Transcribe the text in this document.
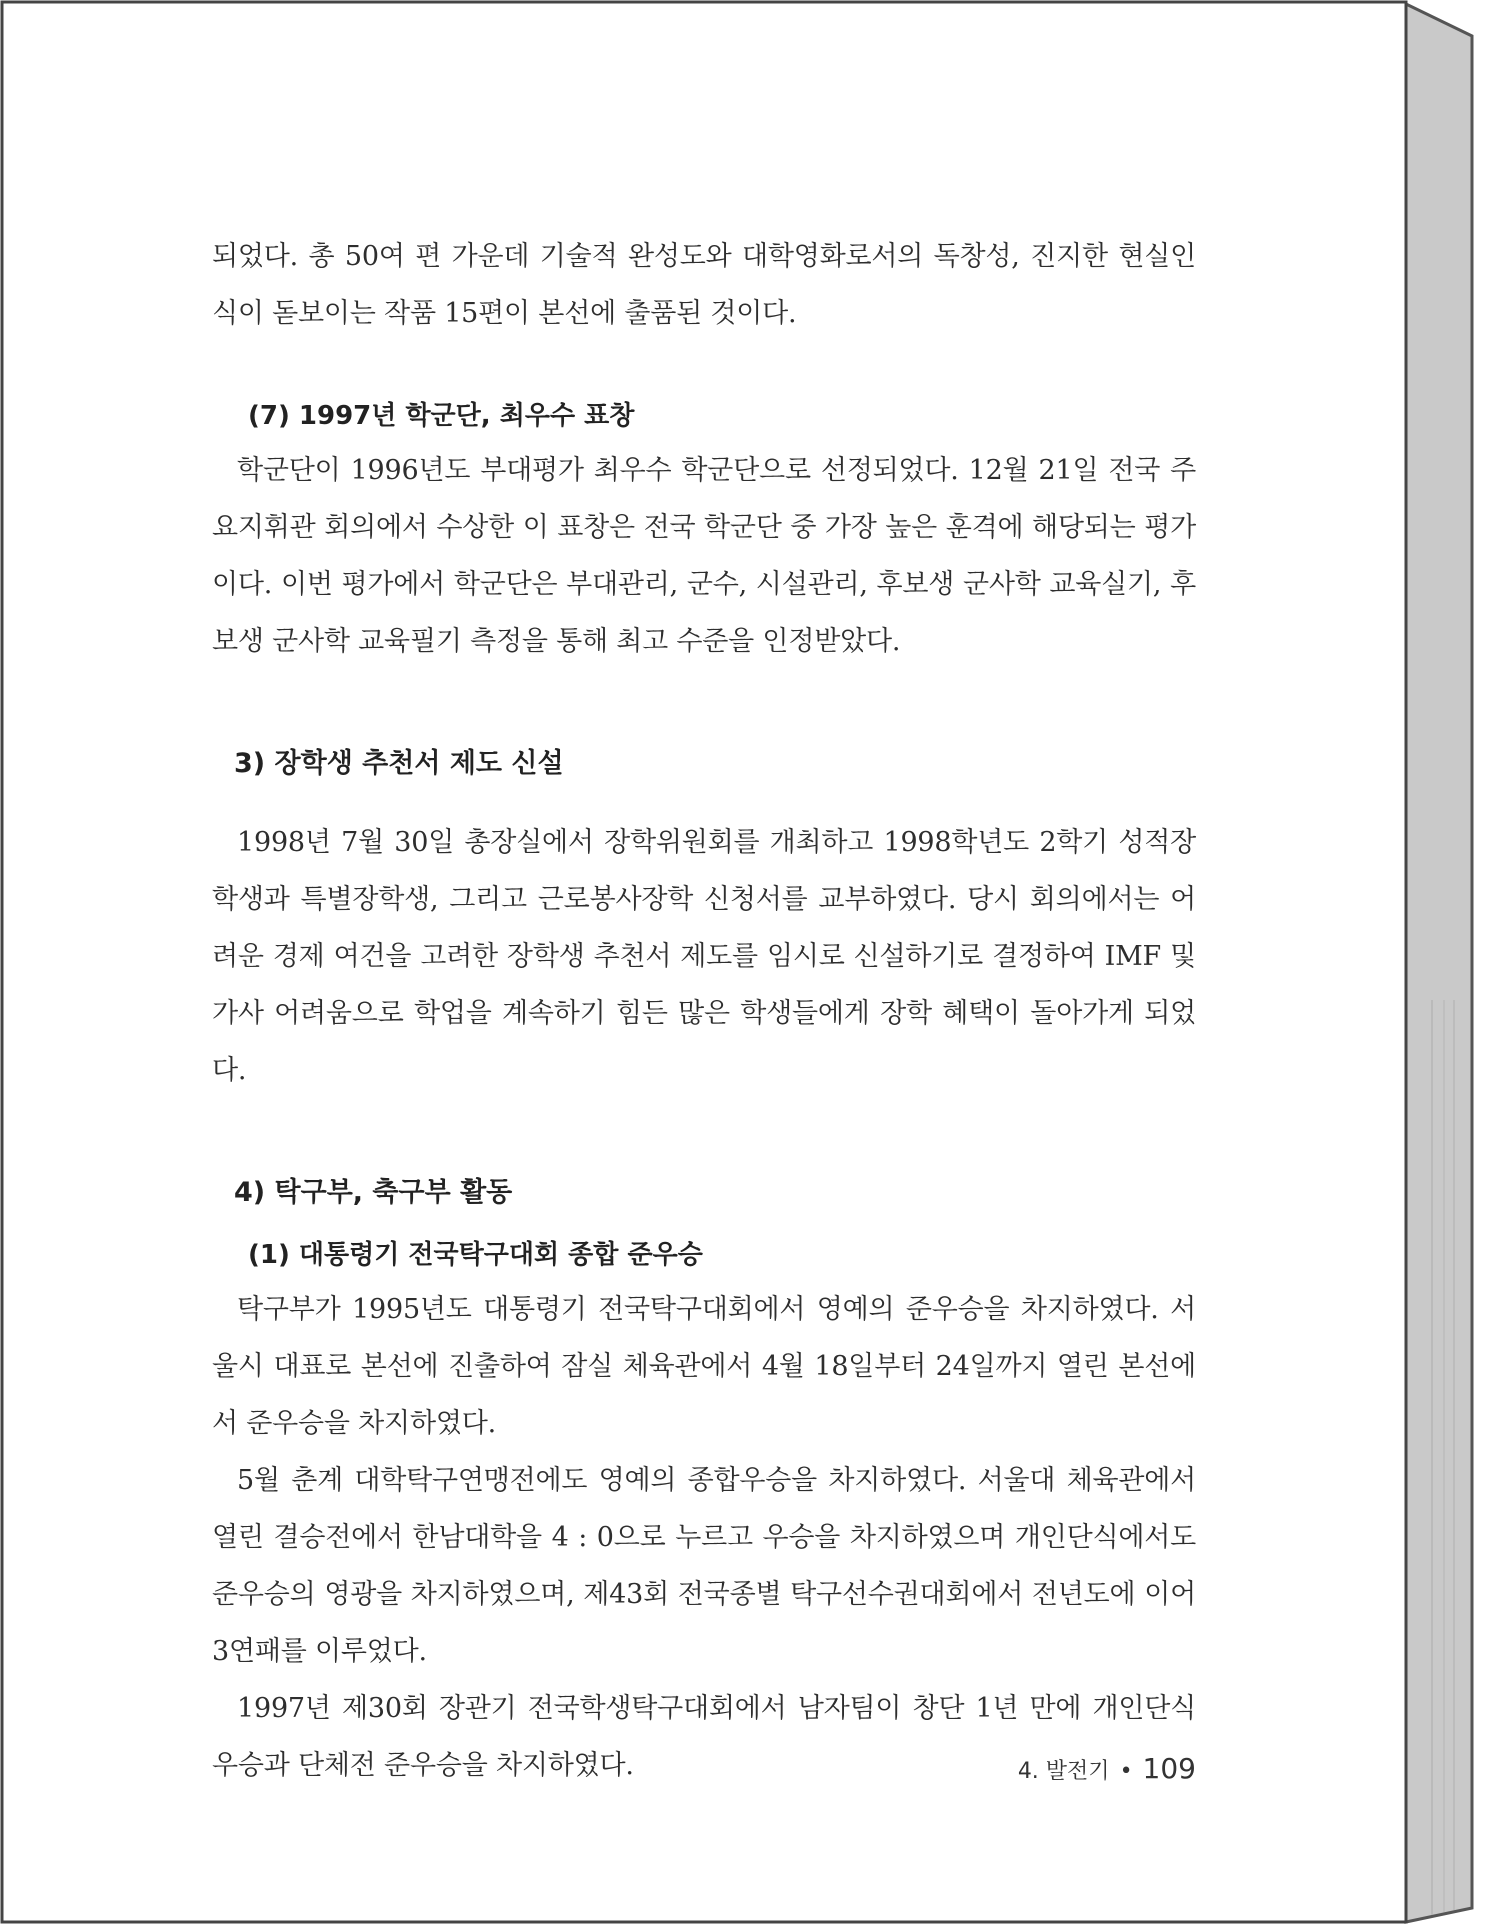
되었다. 총 50여 편 가운데 기술적 완성도와 대학영화로서의 독창성, 진지한 현실인식이 돋보이는 작품 15편이 본선에 출품된 것이다.

(7) 1997년 학군단, 최우수 표창

학군단이 1996년도 부대평가 최우수 학군단으로 선정되었다. 12월 21일 전국 주요지휘관 회의에서 수상한 이 표창은 전국 학군단 중 가장 높은 훈격에 해당되는 평가이다. 이번 평가에서 학군단은 부대관리, 군수, 시설관리, 후보생 군사학 교육실기, 후보생 군사학 교육필기 측정을 통해 최고 수준을 인정받았다.

3) 장학생 추천서 제도 신설

1998년 7월 30일 총장실에서 장학위원회를 개최하고 1998학년도 2학기 성적장학생과 특별장학생, 그리고 근로봉사장학 신청서를 교부하였다. 당시 회의에서는 어려운 경제 여건을 고려한 장학생 추천서 제도를 임시로 신설하기로 결정하여 IMF 및 가사 어려움으로 학업을 계속하기 힘든 많은 학생들에게 장학 혜택이 돌아가게 되었다.

4) 탁구부, 축구부 활동
(1) 대통령기 전국탁구대회 종합 준우승

탁구부가 1995년도 대통령기 전국탁구대회에서 영예의 준우승을 차지하였다. 서울시 대표로 본선에 진출하여 잠실 체육관에서 4월 18일부터 24일까지 열린 본선에서 준우승을 차지하였다.

5월 춘계 대학탁구연맹전에도 영예의 종합우승을 차지하였다. 서울대 체육관에서 열린 결승전에서 한남대학을 4 : 0으로 누르고 우승을 차지하였으며 개인단식에서도 준우승의 영광을 차지하였으며, 제43회 전국종별 탁구선수권대회에서 전년도에 이어 3연패를 이루었다.

1997년 제30회 장관기 전국학생탁구대회에서 남자팀이 창단 1년 만에 개인단식 우승과 단체전 준우승을 차지하였다.	4. 발전기 • 109
